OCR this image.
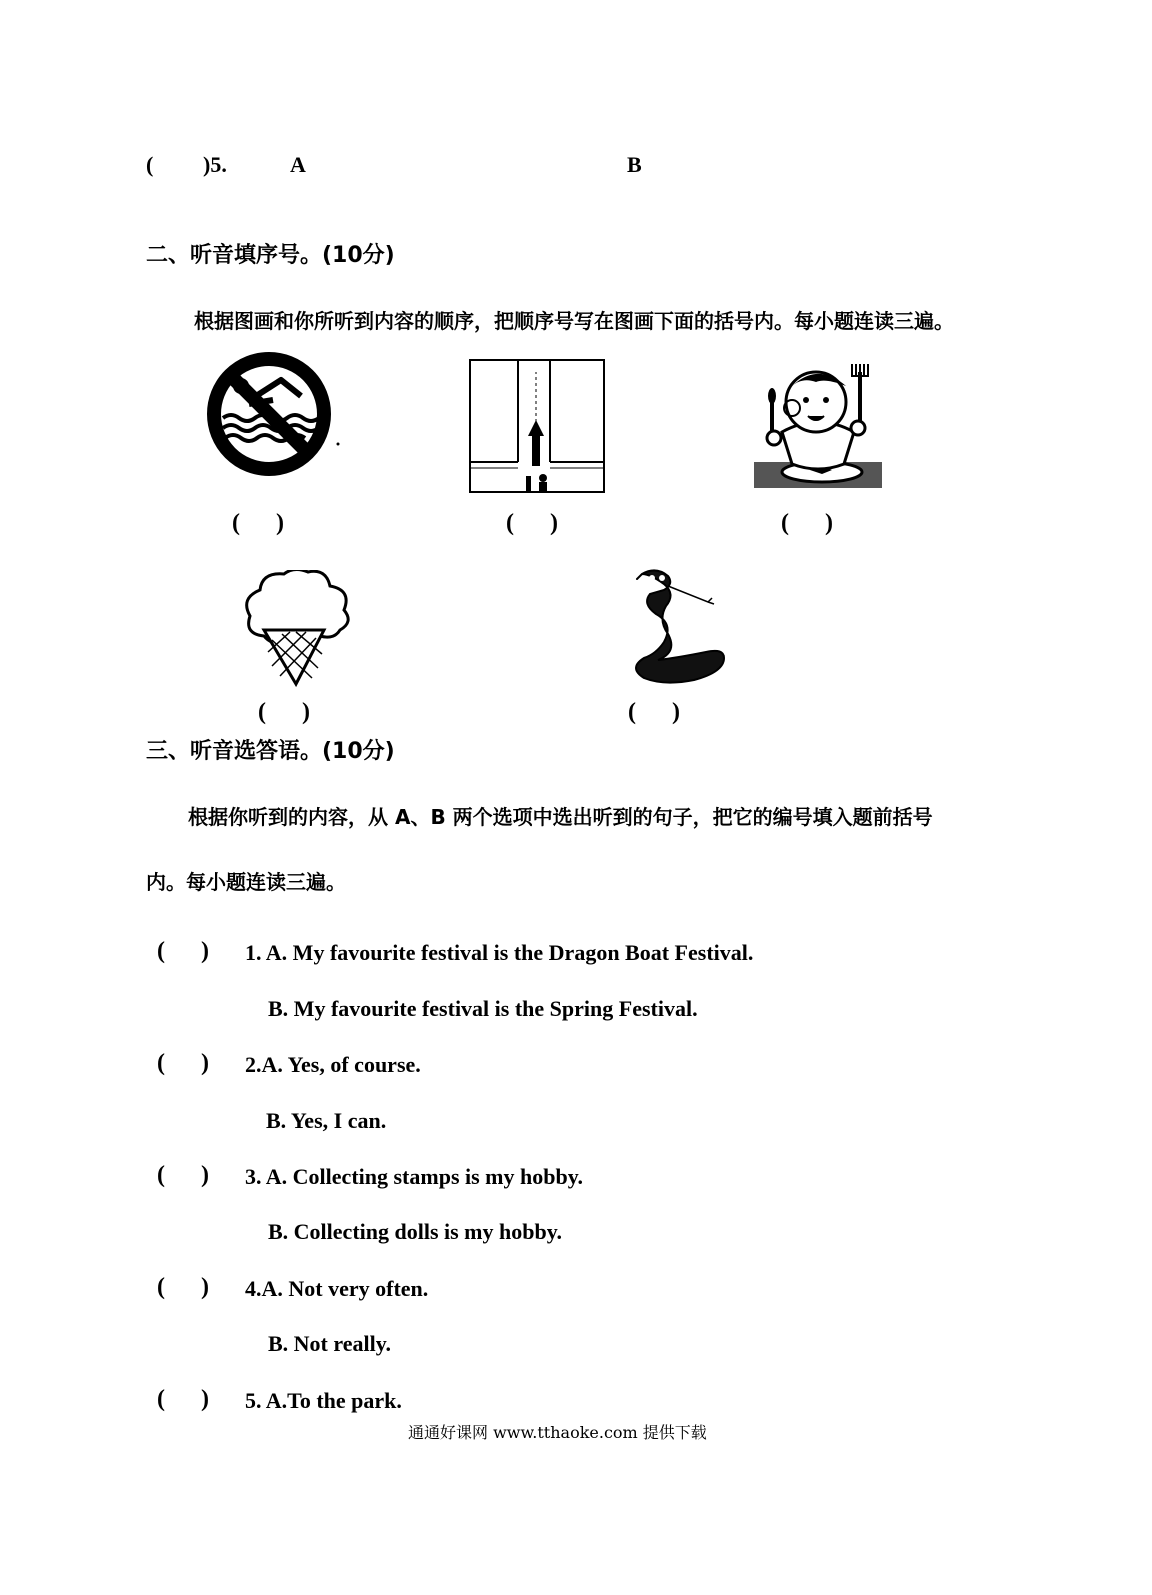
( )5.	A	B
二、听音填序号。(10分)
根据图画和你所听到内容的顺序，把顺序号写在图画下面的括号内。每小题连读三遍。
(      )	(      )	(      )
(      )	(      )
三、听音选答语。(10分)
根据你听到的内容，从 A、B 两个选项中选出听到的句子，把它的编号填入题前括号
内。每小题连读三遍。
(      ) 1. A. My favourite festival is the Dragon Boat Festival.
B. My favourite festival is the Spring Festival.
(      ) 2.A. Yes, of course.
B. Yes, I can.
(      ) 3. A. Collecting stamps is my hobby.
B. Collecting dolls is my hobby.
(      ) 4.A. Not very often.
B. Not really.
(      ) 5. A.To the park.
通通好课网 www.tthaoke.com 提供下载
